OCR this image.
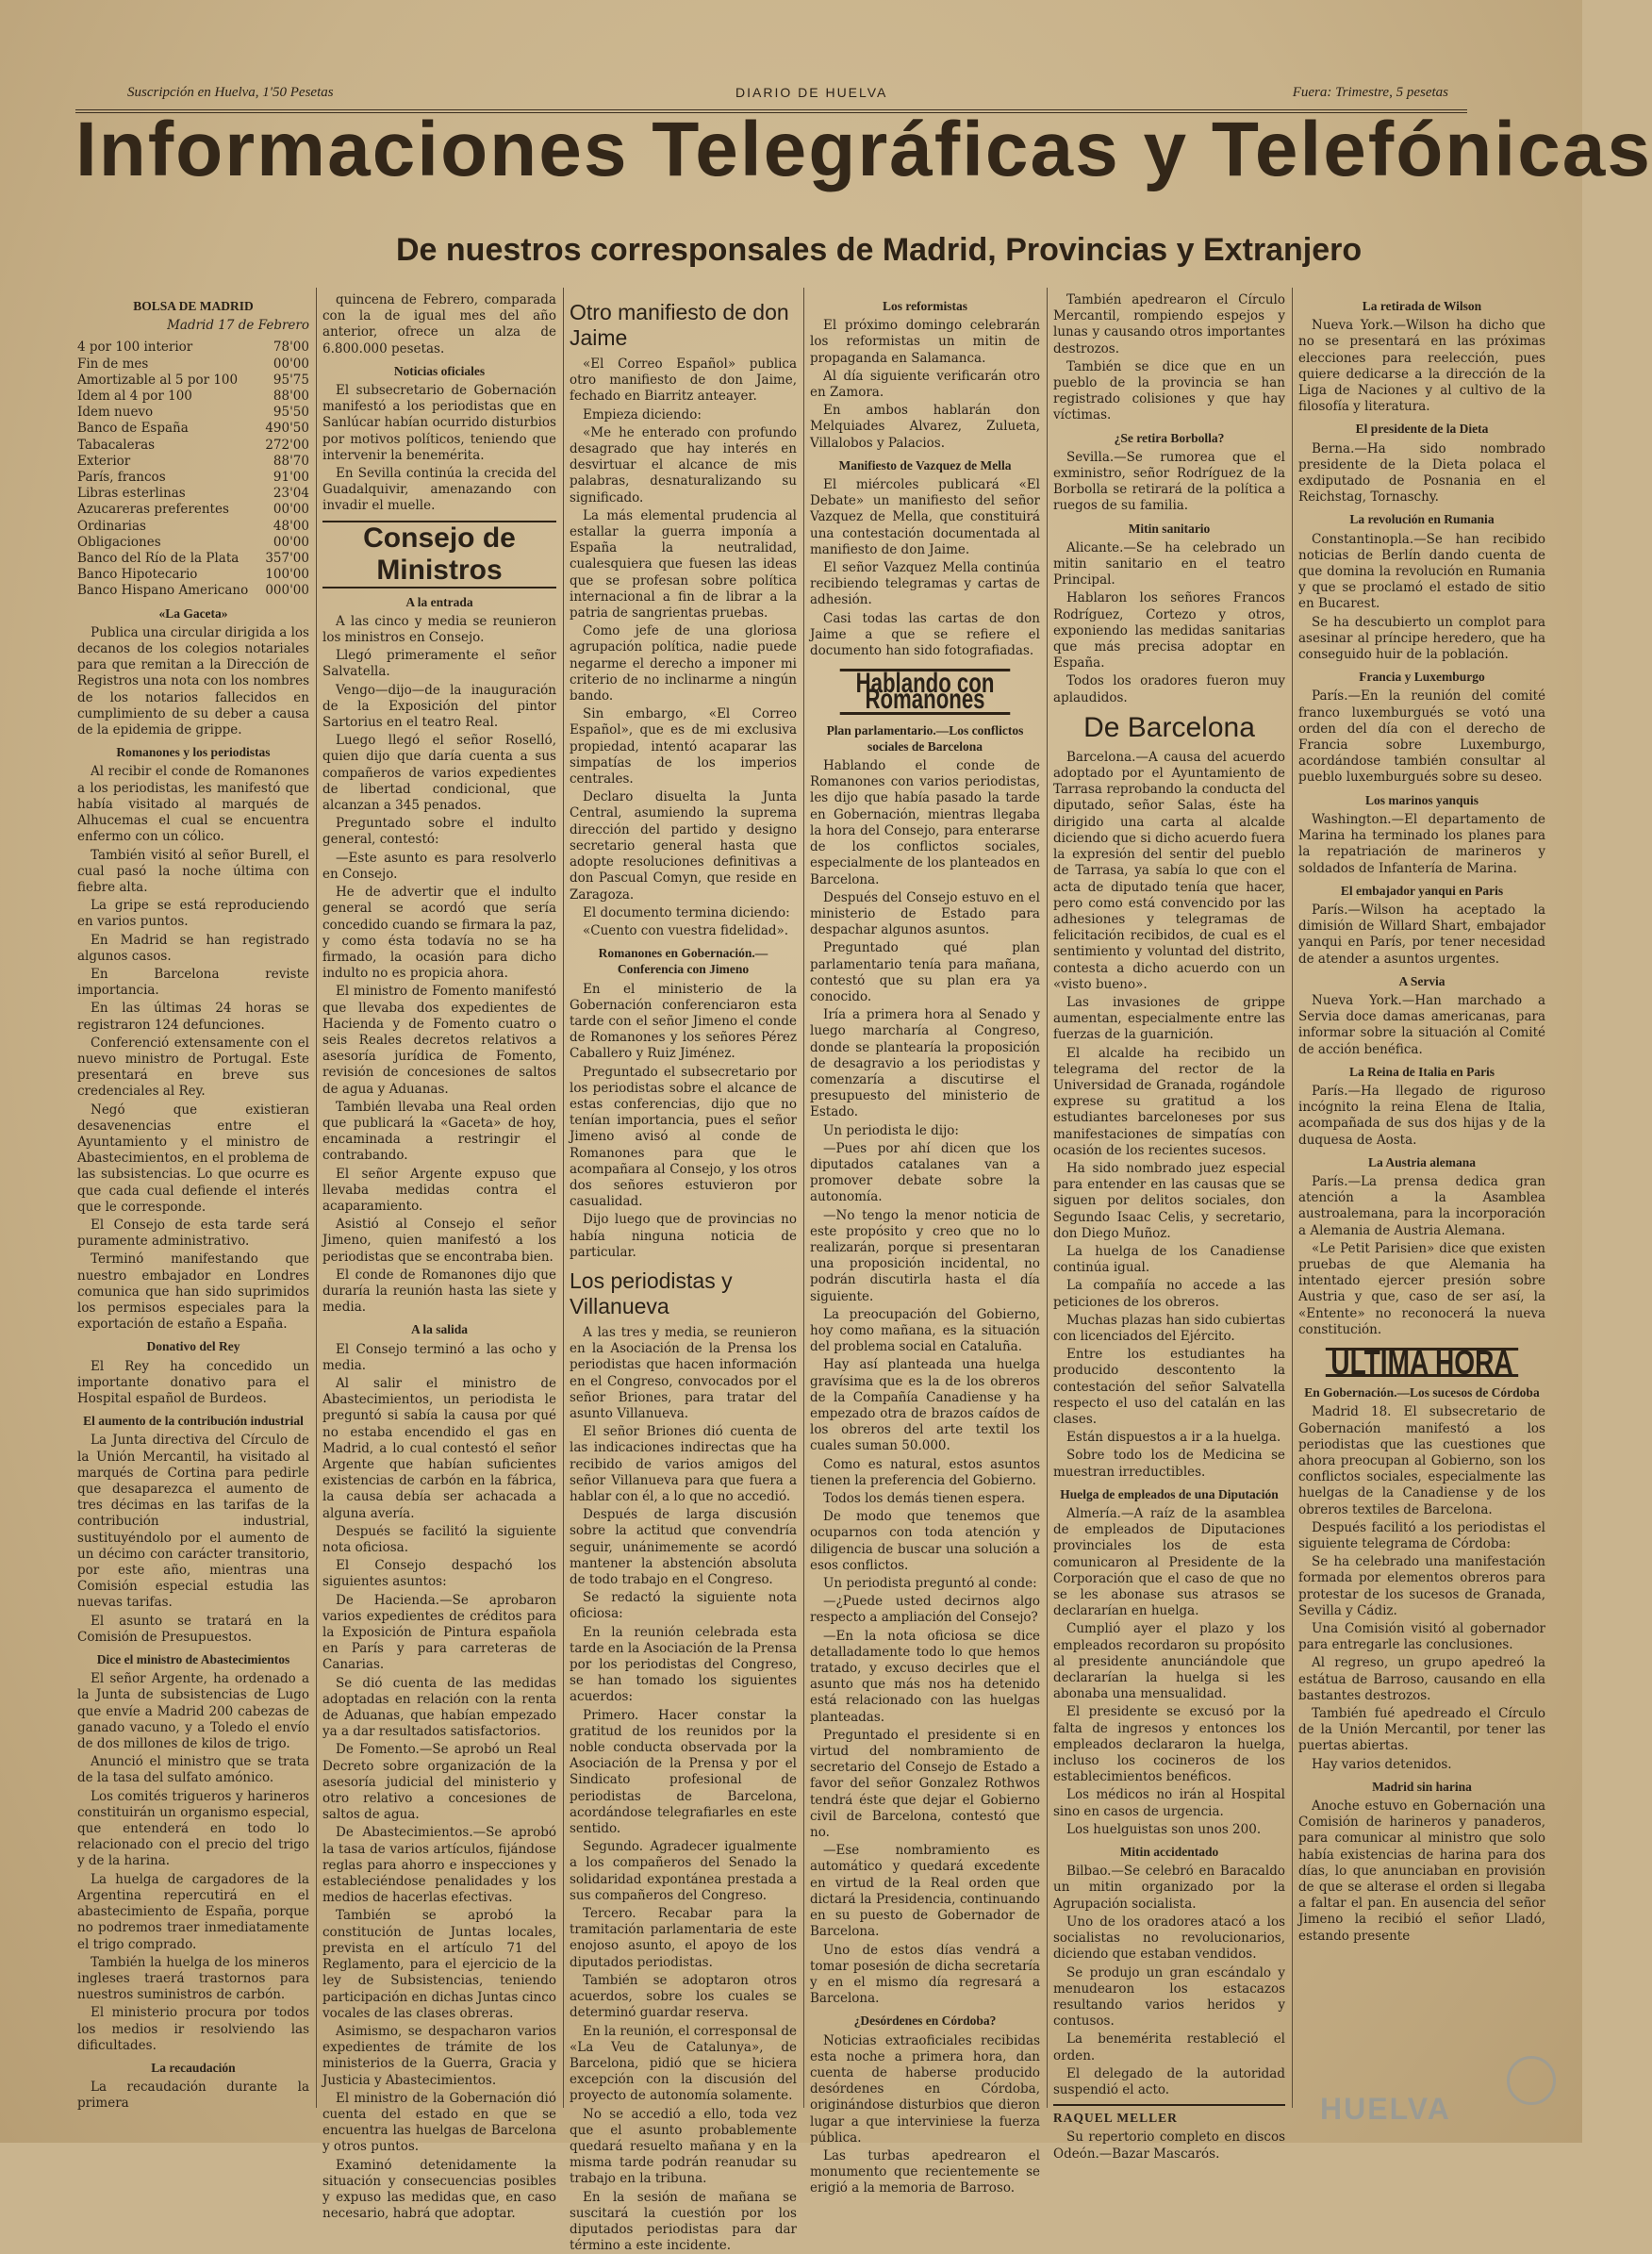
Suscripción en Huelva, 1'50 Pesetas	DIARIO DE HUELVA	Fuera: Trimestre, 5 pesetas
Informaciones Telegráficas y Telefónicas
De nuestros corresponsales de Madrid, Provincias y Extranjero
BOLSA DE MADRID

Madrid 17 de Febrero

4 por 100 interior	78'00
Fin de mes	00'00
Amortizable al 5 por 100	95'75
Idem al 4 por 100	88'00
Idem nuevo	95'50
Banco de España	490'50
Tabacaleras	272'00
Exterior	88'70
París, francos	91'00
Libras esterlinas	23'04
Azucareras preferentes	00'00
Ordinarias	48'00
Obligaciones	00'00
Banco del Río de la Plata 357'00
Banco Hipotecario	100'00
Banco Hispano Americano 000'00
«La Gaceta»

Publica una circular dirigida a los decanos de los colegios notariales para que remitan a la Dirección de Registros una nota con los nombres de los notarios fallecidos en cumplimiento de su deber a causa de la epidemia de grippe.

Romanones y los periodistas

Al recibir el conde de Romanones a los periodistas, les manifestó que había visitado al marqués de Alhucemas el cual se encuentra enfermo con un cólico.

También visitó al señor Burell, el cual pasó la noche última con fiebre alta.

La gripe se está reproduciendo en varios puntos.

En Madrid se han registrado algunos casos.

En Barcelona reviste importancia.

En las últimas 24 horas se registraron 124 defunciones.

Conferenció extensamente con el nuevo ministro de Portugal. Este presentará en breve sus credenciales al Rey.

Negó que existieran desavenencias entre el Ayuntamiento y el ministro de Abastecimientos, en el problema de las subsistencias. Lo que ocurre es que cada cual defiende el interés que le corresponde.

El Consejo de esta tarde será puramente administrativo.

Terminó manifestando que nuestro embajador en Londres comunica que han sido suprimidos los permisos especiales para la exportación de estaño a España.

Donativo del Rey

El Rey ha concedido un importante donativo para el Hospital español de Burdeos.

El aumento de la contribución industrial

La Junta directiva del Círculo de la Unión Mercantil, ha visitado al marqués de Cortina para pedirle que desaparezca el aumento de tres décimas en las tarifas de la contribución industrial, sustituyéndolo por el aumento de un décimo con carácter transitorio, por este año, mientras una Comisión especial estudia las nuevas tarifas.

El asunto se tratará en la Comisión de Presupuestos.

Dice el ministro de Abastecimientos

El señor Argente, ha ordenado a la Junta de subsistencias de Lugo que envíe a Madrid 200 cabezas de ganado vacuno, y a Toledo el envío de dos millones de kilos de trigo.

Anunció el ministro que se trata de la tasa del sulfato amónico.

Los comités trigueros y harineros constituirán un organismo especial, que entenderá en todo lo relacionado con el precio del trigo y de la harina.

La huelga de cargadores de la Argentina repercutirá en el abastecimiento de España, porque no podremos traer inmediatamente el trigo comprado.

También la huelga de los mineros ingleses traerá trastornos para nuestros suministros de carbón.

El ministerio procura por todos los medios ir resolviendo las dificultades.

La recaudación

La recaudación durante la primera

quincena de Febrero, comparada con la de igual mes del año anterior, ofrece un alza de 6.800.000 pesetas.

Noticias oficiales

El subsecretario de Gobernación manifestó a los periodistas que en Sanlúcar habían ocurrido disturbios por motivos políticos, teniendo que intervenir la benemérita.

En Sevilla continúa la crecida del Guadalquivir, amenazando con invadir el muelle.

Consejo de Ministros
A la entrada

A las cinco y media se reunieron los ministros en Consejo.

Llegó primeramente el señor Salvatella.

Vengo—dijo—de la inauguración de la Exposición del pintor Sartorius en el teatro Real.

Luego llegó el señor Roselló, quien dijo que daría cuenta a sus compañeros de varios expedientes de libertad condicional, que alcanzan a 345 penados.

Preguntado sobre el indulto general, contestó:

—Este asunto es para resolverlo en Consejo.

He de advertir que el indulto general se acordó que sería concedido cuando se firmara la paz, y como ésta todavía no se ha firmado, la ocasión para dicho indulto no es propicia ahora.

El ministro de Fomento manifestó que llevaba dos expedientes de Hacienda y de Fomento cuatro o seis Reales decretos relativos a asesoría jurídica de Fomento, revisión de concesiones de saltos de agua y Aduanas.

También llevaba una Real orden que publicará la «Gaceta» de hoy, encaminada a restringir el contrabando.

El señor Argente expuso que llevaba medidas contra el acaparamiento.

Asistió al Consejo el señor Jimeno, quien manifestó a los periodistas que se encontraba bien.

El conde de Romanones dijo que duraría la reunión hasta las siete y media.

A la salida

El Consejo terminó a las ocho y media.

Al salir el ministro de Abastecimientos, un periodista le preguntó si sabía la causa por qué no estaba encendido el gas en Madrid, a lo cual contestó el señor Argente que habían suficientes existencias de carbón en la fábrica, la causa debía ser achacada a alguna avería.

Después se facilitó la siguiente nota oficiosa.

El Consejo despachó los siguientes asuntos:

De Hacienda.—Se aprobaron varios expedientes de créditos para la Exposición de Pintura española en París y para carreteras de Canarias.

Se dió cuenta de las medidas adoptadas en relación con la renta de Aduanas, que habían empezado ya a dar resultados satisfactorios.

De Fomento.—Se aprobó un Real Decreto sobre organización de la asesoría judicial del ministerio y otro relativo a concesiones de saltos de agua.

De Abastecimientos.—Se aprobó la tasa de varios artículos, fijándose reglas para ahorro e inspecciones y estableciéndose penalidades y los medios de hacerlas efectivas.

También se aprobó la constitución de Juntas locales, prevista en el artículo 71 del Reglamento, para el ejercicio de la ley de Subsistencias, teniendo participación en dichas Juntas cinco vocales de las clases obreras.

Asimismo, se despacharon varios expedientes de trámite de los ministerios de la Guerra, Gracia y Justicia y Abastecimientos.

El ministro de la Gobernación dió cuenta del estado en que se encuentra las huelgas de Barcelona y otros puntos.

Examinó detenidamente la situación y consecuencias posibles y expuso las medidas que, en caso necesario, habrá que adoptar.

Otro manifiesto de don Jaime

«El Correo Español» publica otro manifiesto de don Jaime, fechado en Biarritz anteayer.

Empieza diciendo:

«Me he enterado con profundo desagrado que hay interés en desvirtuar el alcance de mis palabras, desnaturalizando su significado.

La más elemental prudencia al estallar la guerra imponía a España la neutralidad, cualesquiera que fuesen las ideas que se profesan sobre política internacional a fin de librar a la patria de sangrientas pruebas.

Como jefe de una gloriosa agrupación política, nadie puede negarme el derecho a imponer mi criterio de no inclinarme a ningún bando.

Sin embargo, «El Correo Español», que es de mi exclusiva propiedad, intentó acaparar las simpatías de los imperios centrales.

Declaro disuelta la Junta Central, asumiendo la suprema dirección del partido y designo secretario general hasta que adopte resoluciones definitivas a don Pascual Comyn, que reside en Zaragoza.

El documento termina diciendo:

«Cuento con vuestra fidelidad».

Romanones en Gobernación.—Conferencia con Jimeno

En el ministerio de la Gobernación conferenciaron esta tarde con el señor Jimeno el conde de Romanones y los señores Pérez Caballero y Ruiz Jiménez.

Preguntado el subsecretario por los periodistas sobre el alcance de estas conferencias, dijo que no tenían importancia, pues el señor Jimeno avisó al conde de Romanones para que le acompañara al Consejo, y los otros dos señores estuvieron por casualidad.

Dijo luego que de provincias no había ninguna noticia de particular.

Los periodistas y Villanueva

A las tres y media, se reunieron en la Asociación de la Prensa los periodistas que hacen información en el Congreso, convocados por el señor Briones, para tratar del asunto Villanueva.

El señor Briones dió cuenta de las indicaciones indirectas que ha recibido de varios amigos del señor Villanueva para que fuera a hablar con él, a lo que no accedió.

Después de larga discusión sobre la actitud que convendría seguir, unánimemente se acordó mantener la abstención absoluta de todo trabajo en el Congreso.

Se redactó la siguiente nota oficiosa:

En la reunión celebrada esta tarde en la Asociación de la Prensa por los periodistas del Congreso, se han tomado los siguientes acuerdos:

Primero. Hacer constar la gratitud de los reunidos por la noble conducta observada por la Asociación de la Prensa y por el Sindicato profesional de periodistas de Barcelona, acordándose telegrafiarles en este sentido.

Segundo. Agradecer igualmente a los compañeros del Senado la solidaridad expontánea prestada a sus compañeros del Congreso.

Tercero. Recabar para la tramitación parlamentaria de este enojoso asunto, el apoyo de los diputados periodistas.

También se adoptaron otros acuerdos, sobre los cuales se determinó guardar reserva.

En la reunión, el corresponsal de «La Veu de Catalunya», de Barcelona, pidió que se hiciera excepción con la discusión del proyecto de autonomía solamente.

No se accedió a ello, toda vez que el asunto probablemente quedará resuelto mañana y en la misma tarde podrán reanudar su trabajo en la tribuna.

En la sesión de mañana se suscitará la cuestión por los diputados periodistas para dar término a este incidente.

Los reformistas

El próximo domingo celebrarán los reformistas un mitin de propaganda en Salamanca.

Al día siguiente verificarán otro en Zamora.

En ambos hablarán don Melquiades Alvarez, Zulueta, Villalobos y Palacios.

Manifiesto de Vazquez de Mella

El miércoles publicará «El Debate» un manifiesto del señor Vazquez de Mella, que constituirá una contestación documentada al manifiesto de don Jaime.

El señor Vazquez Mella continúa recibiendo telegramas y cartas de adhesión.

Casi todas las cartas de don Jaime a que se refiere el documento han sido fotografiadas.

Hablando con Romanones
Plan parlamentario.—Los conflictos sociales de Barcelona

Hablando el conde de Romanones con varios periodistas, les dijo que había pasado la tarde en Gobernación, mientras llegaba la hora del Consejo, para enterarse de los conflictos sociales, especialmente de los planteados en Barcelona.

Después del Consejo estuvo en el ministerio de Estado para despachar algunos asuntos.

Preguntado qué plan parlamentario tenía para mañana, contestó que su plan era ya conocido.

Iría a primera hora al Senado y luego marcharía al Congreso, donde se plantearía la proposición de desagravio a los periodistas y comenzaría a discutirse el presupuesto del ministerio de Estado.

Un periodista le dijo:

—Pues por ahí dicen que los diputados catalanes van a promover debate sobre la autonomía.

—No tengo la menor noticia de este propósito y creo que no lo realizarán, porque si presentaran una proposición incidental, no podrán discutirla hasta el día siguiente.

La preocupación del Gobierno, hoy como mañana, es la situación del problema social en Cataluña.

Hay así planteada una huelga gravísima que es la de los obreros de la Compañía Canadiense y ha empezado otra de brazos caídos de los obreros del arte textil los cuales suman 50.000.

Como es natural, estos asuntos tienen la preferencia del Gobierno.

Todos los demás tienen espera.

De modo que tenemos que ocuparnos con toda atención y diligencia de buscar una solución a esos conflictos.

Un periodista preguntó al conde:

—¿Puede usted decirnos algo respecto a ampliación del Consejo?

—En la nota oficiosa se dice detalladamente todo lo que hemos tratado, y excuso decirles que el asunto que más nos ha detenido está relacionado con las huelgas planteadas.

Preguntado el presidente si en virtud del nombramiento de secretario del Consejo de Estado a favor del señor Gonzalez Rothwos tendrá éste que dejar el Gobierno civil de Barcelona, contestó que no.

—Ese nombramiento es automático y quedará excedente en virtud de la Real orden que dictará la Presidencia, continuando en su puesto de Gobernador de Barcelona.

Uno de estos días vendrá a tomar posesión de dicha secretaría y en el mismo día regresará a Barcelona.

¿Desórdenes en Córdoba?

Noticias extraoficiales recibidas esta noche a primera hora, dan cuenta de haberse producido desórdenes en Córdoba, originándose disturbios que dieron lugar a que interviniese la fuerza pública.

Las turbas apedrearon el monumento que recientemente se erigió a la memoria de Barroso.

También apedrearon el Círculo Mercantil, rompiendo espejos y lunas y causando otros importantes destrozos.

También se dice que en un pueblo de la provincia se han registrado colisiones y que hay víctimas.

¿Se retira Borbolla?

Sevilla.—Se rumorea que el exministro, señor Rodríguez de la Borbolla se retirará de la política a ruegos de su familia.

Mitin sanitario

Alicante.—Se ha celebrado un mitin sanitario en el teatro Principal.

Hablaron los señores Francos Rodríguez, Cortezo y otros, exponiendo las medidas sanitarias que más precisa adoptar en España.

Todos los oradores fueron muy aplaudidos.

De Barcelona

Barcelona.—A causa del acuerdo adoptado por el Ayuntamiento de Tarrasa reprobando la conducta del diputado, señor Salas, éste ha dirigido una carta al alcalde diciendo que si dicho acuerdo fuera la expresión del sentir del pueblo de Tarrasa, ya sabía lo que con el acta de diputado tenía que hacer, pero como está convencido por las adhesiones y telegramas de felicitación recibidos, de cual es el sentimiento y voluntad del distrito, contesta a dicho acuerdo con un «visto bueno».

Las invasiones de grippe aumentan, especialmente entre las fuerzas de la guarnición.

El alcalde ha recibido un telegrama del rector de la Universidad de Granada, rogándole exprese su gratitud a los estudiantes barceloneses por sus manifestaciones de simpatías con ocasión de los recientes sucesos.

Ha sido nombrado juez especial para entender en las causas que se siguen por delitos sociales, don Segundo Isaac Celis, y secretario, don Diego Muñoz.

La huelga de los Canadiense continúa igual.

La compañía no accede a las peticiones de los obreros.

Muchas plazas han sido cubiertas con licenciados del Ejército.

Entre los estudiantes ha producido descontento la contestación del señor Salvatella respecto el uso del catalán en las clases.

Están dispuestos a ir a la huelga.

Sobre todo los de Medicina se muestran irreductibles.

Huelga de empleados de una Diputación

Almería.—A raíz de la asamblea de empleados de Diputaciones provinciales los de esta comunicaron al Presidente de la Corporación que el caso de que no se les abonase sus atrasos se declararían en huelga.

Cumplió ayer el plazo y los empleados recordaron su propósito al presidente anunciándole que declararían la huelga si les abonaba una mensualidad.

El presidente se excusó por la falta de ingresos y entonces los empleados declararon la huelga, incluso los cocineros de los establecimientos benéficos.

Los médicos no irán al Hospital sino en casos de urgencia.

Los huelguistas son unos 200.

Mitin accidentado

Bilbao.—Se celebró en Baracaldo un mitin organizado por la Agrupación socialista.

Uno de los oradores atacó a los socialistas no revolucionarios, diciendo que estaban vendidos.

Se produjo un gran escándalo y menudearon los estacazos resultando varios heridos y contusos.

La benemérita restableció el orden.

El delegado de la autoridad suspendió el acto.

RAQUEL MELLER

Su repertorio completo en discos Odeón.—Bazar Mascarós.

La retirada de Wilson

Nueva York.—Wilson ha dicho que no se presentará en las próximas elecciones para reelección, pues quiere dedicarse a la dirección de la Liga de Naciones y al cultivo de la filosofía y literatura.

El presidente de la Dieta

Berna.—Ha sido nombrado presidente de la Dieta polaca el exdiputado de Posnania en el Reichstag, Tornaschy.

La revolución en Rumania

Constantinopla.—Se han recibido noticias de Berlín dando cuenta de que domina la revolución en Rumania y que se proclamó el estado de sitio en Bucarest.

Se ha descubierto un complot para asesinar al príncipe heredero, que ha conseguido huir de la población.

Francia y Luxemburgo

París.—En la reunión del comité franco luxemburgués se votó una orden del día con el derecho de Francia sobre Luxemburgo, acordándose también consultar al pueblo luxemburgués sobre su deseo.

Los marinos yanquis

Washington.—El departamento de Marina ha terminado los planes para la repatriación de marineros y soldados de Infantería de Marina.

El embajador yanqui en Paris

París.—Wilson ha aceptado la dimisión de Willard Shart, embajador yanqui en París, por tener necesidad de atender a asuntos urgentes.

A Servia

Nueva York.—Han marchado a Servia doce damas americanas, para informar sobre la situación al Comité de acción benéfica.

La Reina de Italia en Paris

París.—Ha llegado de riguroso incógnito la reina Elena de Italia, acompañada de sus dos hijas y de la duquesa de Aosta.

La Austria alemana

París.—La prensa dedica gran atención a la Asamblea austroalemana, para la incorporación a Alemania de Austria Alemana.

«Le Petit Parisien» dice que existen pruebas de que Alemania ha intentado ejercer presión sobre Austria y que, caso de ser así, la «Entente» no reconocerá la nueva constitución.

ULTIMA HORA
En Gobernación.—Los sucesos de Córdoba

Madrid 18. El subsecretario de Gobernación manifestó a los periodistas que las cuestiones que ahora preocupan al Gobierno, son los conflictos sociales, especialmente las huelgas de la Canadiense y de los obreros textiles de Barcelona.

Después facilitó a los periodistas el siguiente telegrama de Córdoba:

Se ha celebrado una manifestación formada por elementos obreros para protestar de los sucesos de Granada, Sevilla y Cádiz.

Una Comisión visitó al gobernador para entregarle las conclusiones.

Al regreso, un grupo apedreó la estátua de Barroso, causando en ella bastantes destrozos.

También fué apedreado el Círculo de la Unión Mercantil, por tener las puertas abiertas.

Hay varios detenidos.

Madrid sin harina

Anoche estuvo en Gobernación una Comisión de harineros y panaderos, para comunicar al ministro que solo había existencias de harina para dos días, lo que anunciaban en provisión de que se alterase el orden si llegaba a faltar el pan. En ausencia del señor Jimeno la recibió el señor Lladó, estando presente

HUELVA
